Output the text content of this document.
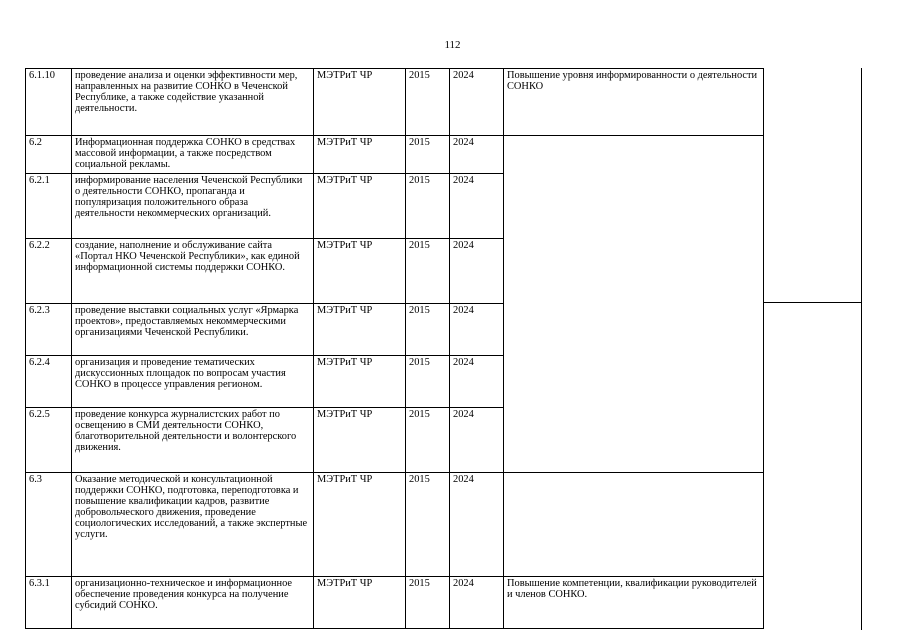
112
6.1.10	проведение анализа и оценки эффективности мер, направленных на развитие СОНКО в Чеченской Республике, а также содействие указанной деятельности.	МЭТРиТ ЧР	2015	2024	Повышение уровня информированности о деятельности СОНКО
6.2	Информационная поддержка СОНКО в средствах массовой информации, а также посредством социальной рекламы.	МЭТРиТ ЧР	2015	2024	
6.2.1	информирование населения Чеченской Республики о деятельности СОНКО, пропаганда и популяризация положительного образа деятельности некоммерческих организаций.	МЭТРиТ ЧР	2015	2024	
6.2.2	создание, наполнение и обслуживание сайта «Портал НКО Чеченской Республики», как единой информационной системы поддержки СОНКО.	МЭТРиТ ЧР	2015	2024	
6.2.3	проведение выставки социальных услуг «Ярмарка проектов», предоставляемых некоммерческими организациями Чеченской Республики.	МЭТРиТ ЧР	2015	2024	
6.2.4	организация и проведение тематических дискуссионных площадок по вопросам участия СОНКО в процессе управления регионом.	МЭТРиТ ЧР	2015	2024	
6.2.5	проведение конкурса журналистских работ по освещению в СМИ деятельности СОНКО, благотворительной деятельности и волонтерского движения.	МЭТРиТ ЧР	2015	2024	
6.3	Оказание методической и консультационной поддержки СОНКО, подготовка, переподготовка и повышение квалификации кадров, развитие добровольческого движения, проведение социологических исследований, а также экспертные услуги.	МЭТРиТ ЧР	2015	2024	
6.3.1	организационно-техническое и информационное обеспечение проведения конкурса на получение субсидий СОНКО.	МЭТРиТ ЧР	2015	2024	Повышение компетенции, квалификации руководителей и членов СОНКО.
